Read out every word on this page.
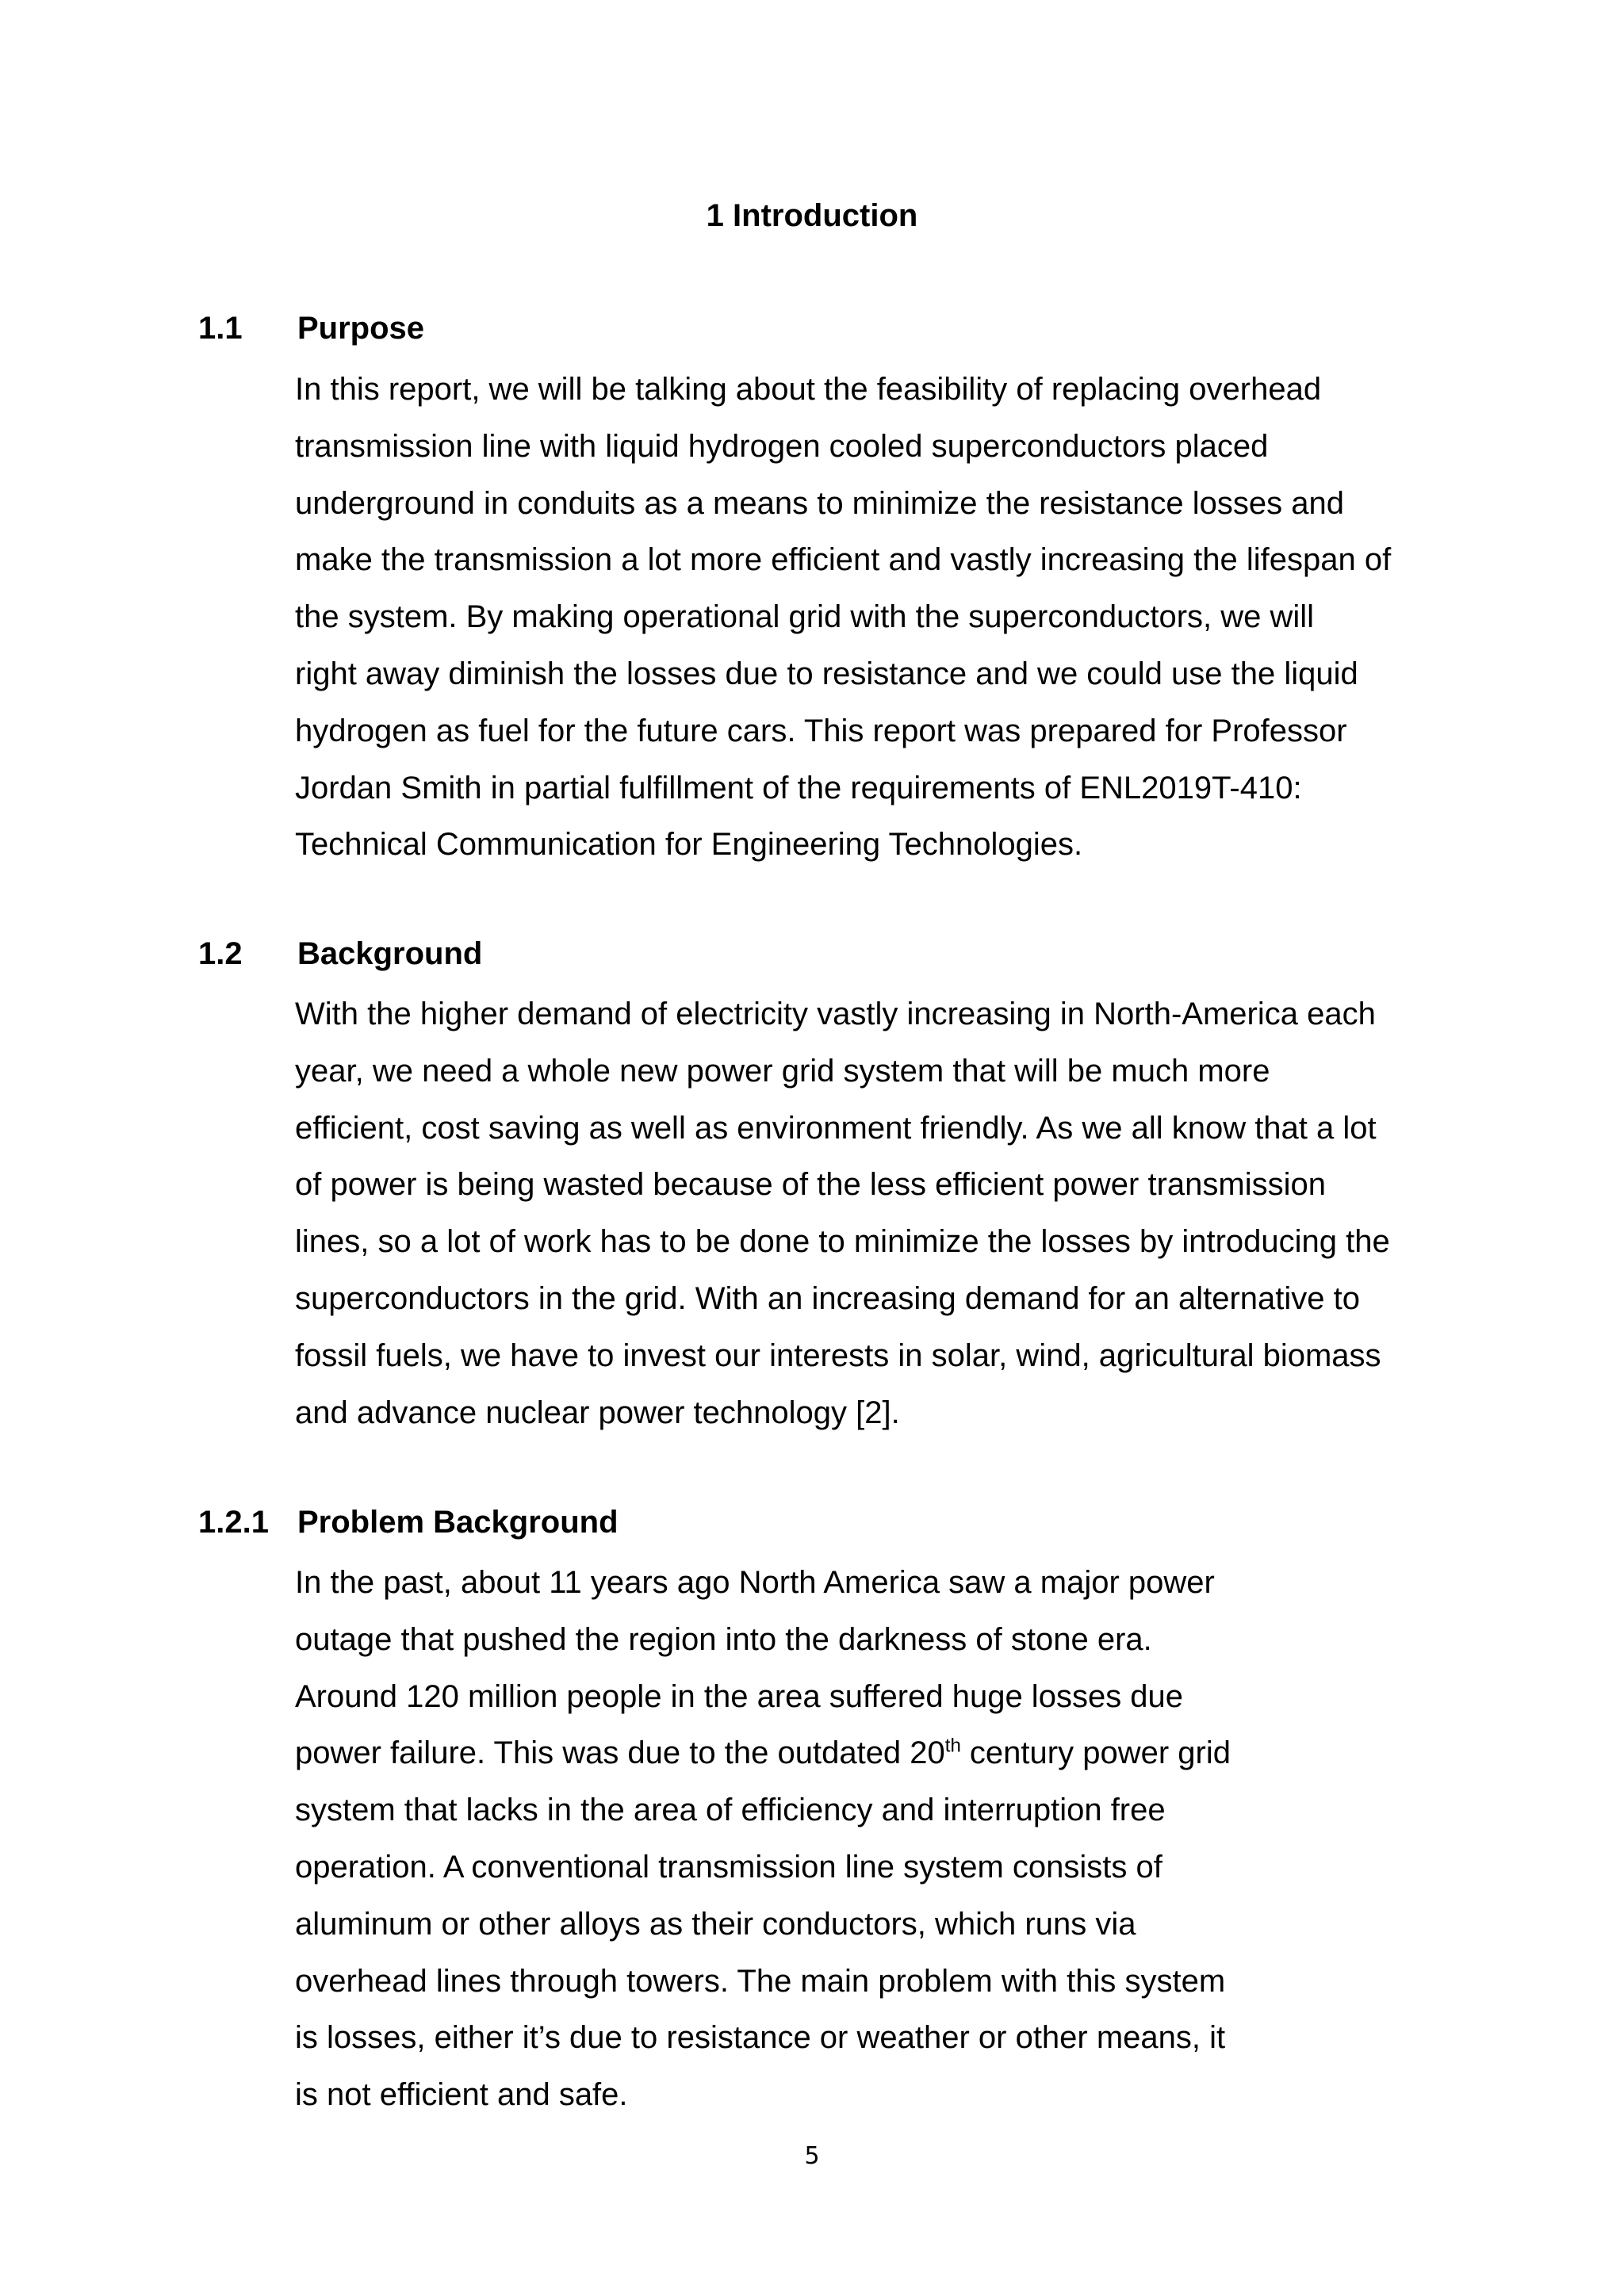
1 Introduction
1.1 Purpose
In this report, we will be talking about the feasibility of replacing overhead
transmission line with liquid hydrogen cooled superconductors placed
underground in conduits as a means to minimize the resistance losses and
make the transmission a lot more efficient and vastly increasing the lifespan of
the system. By making operational grid with the superconductors, we will
right away diminish the losses due to resistance and we could use the liquid
hydrogen as fuel for the future cars. This report was prepared for Professor
Jordan Smith in partial fulfillment of the requirements of ENL2019T-410:
Technical Communication for Engineering Technologies.
1.2 Background
With the higher demand of electricity vastly increasing in North-America each
year, we need a whole new power grid system that will be much more
efficient, cost saving as well as environment friendly. As we all know that a lot
of power is being wasted because of the less efficient power transmission
lines, so a lot of work has to be done to minimize the losses by introducing the
superconductors in the grid. With an increasing demand for an alternative to
fossil fuels, we have to invest our interests in solar, wind, agricultural biomass
and advance nuclear power technology [2].
1.2.1 Problem Background
In the past, about 11 years ago North America saw a major power
outage that pushed the region into the darkness of stone era.
Around 120 million people in the area suffered huge losses due
power failure. This was due to the outdated 20th century power grid
system that lacks in the area of efficiency and interruption free
operation. A conventional transmission line system consists of
aluminum or other alloys as their conductors, which runs via
overhead lines through towers. The main problem with this system
is losses, either it’s due to resistance or weather or other means, it
is not efficient and safe.
5
